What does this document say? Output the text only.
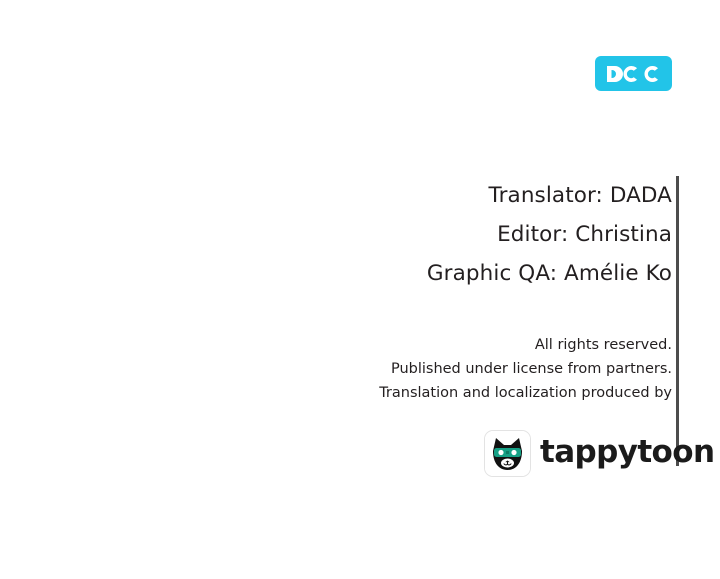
Translator: DADA
Editor: Christina
Graphic QA: Amélie Ko
All rights reserved.
Published under license from partners.
Translation and localization produced by
tappytoon
